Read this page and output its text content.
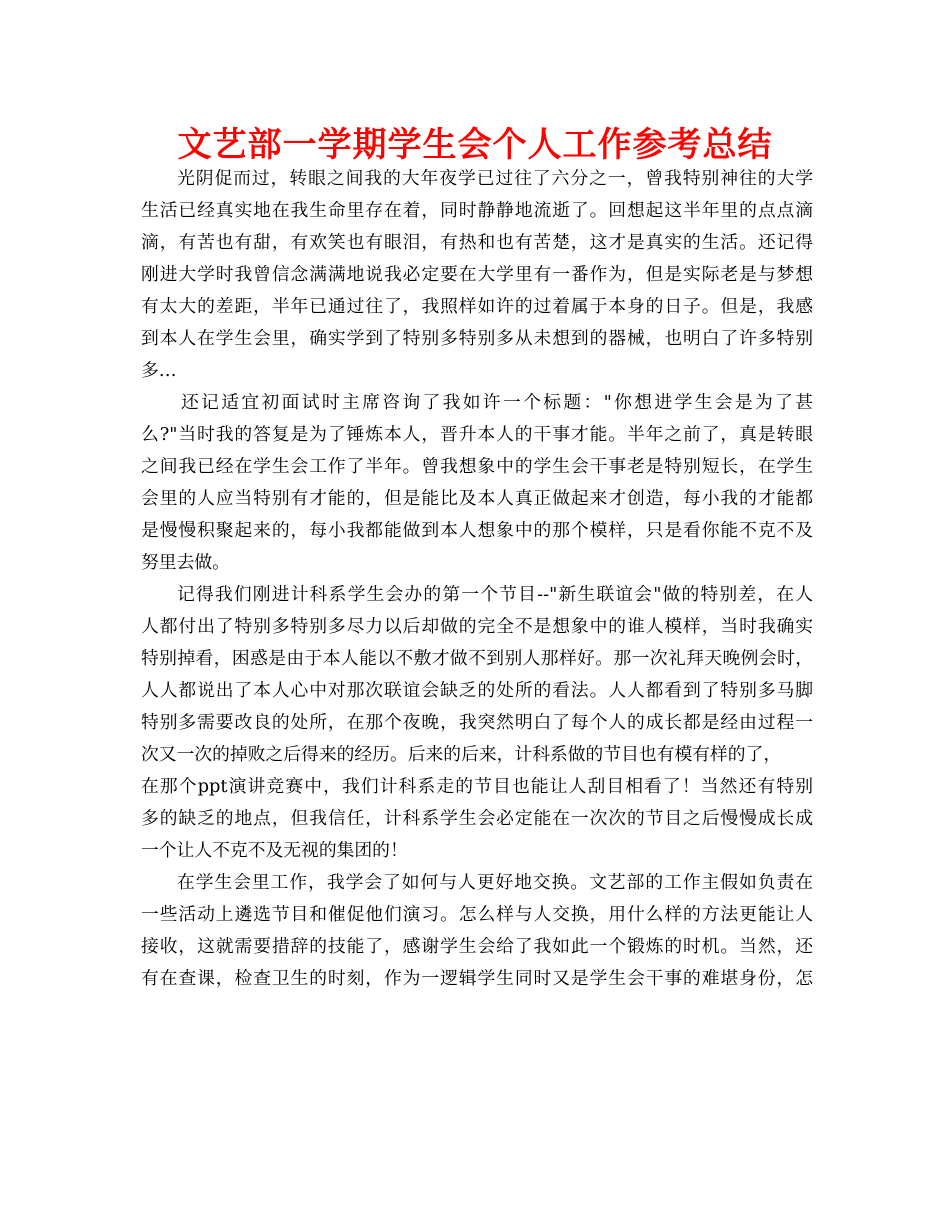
文艺部一学期学生会个人工作参考总结
光阴促而过，转眼之间我的大年夜学已过往了六分之一，曾我特别神往的大学
生活已经真实地在我生命里存在着，同时静静地流逝了。回想起这半年里的点点滴
滴，有苦也有甜，有欢笑也有眼泪，有热和也有苦楚，这才是真实的生活。还记得
刚进大学时我曾信念满满地说我必定要在大学里有一番作为，但是实际老是与梦想
有太大的差距，半年已通过往了，我照样如许的过着属于本身的日子。但是，我感
到本人在学生会里，确实学到了特别多特别多从未想到的器械，也明白了许多特别
多…
还记适宜初面试时主席咨询了我如许一个标题："你想进学生会是为了甚
么?"当时我的答复是为了锤炼本人，晋升本人的干事才能。半年之前了，真是转眼
之间我已经在学生会工作了半年。曾我想象中的学生会干事老是特别短长，在学生
会里的人应当特别有才能的，但是能比及本人真正做起来才创造，每小我的才能都
是慢慢积聚起来的，每小我都能做到本人想象中的那个模样，只是看你能不克不及
努里去做。
记得我们刚进计科系学生会办的第一个节目--"新生联谊会"做的特别差，在人
人都付出了特别多特别多尽力以后却做的完全不是想象中的谁人模样，当时我确实
特别掉看，困惑是由于本人能以不敷才做不到别人那样好。那一次礼拜天晚例会时，
人人都说出了本人心中对那次联谊会缺乏的处所的看法。人人都看到了特别多马脚
特别多需要改良的处所，在那个夜晚，我突然明白了每个人的成长都是经由过程一
次又一次的掉败之后得来的经历。后来的后来，计科系做的节目也有模有样的了，
在那个ppt演讲竞赛中，我们计科系走的节目也能让人刮目相看了！当然还有特别
多的缺乏的地点，但我信任，计科系学生会必定能在一次次的节目之后慢慢成长成
一个让人不克不及无视的集团的！
在学生会里工作，我学会了如何与人更好地交换。文艺部的工作主假如负责在
一些活动上遴选节目和催促他们演习。怎么样与人交换，用什么样的方法更能让人
接收，这就需要措辞的技能了，感谢学生会给了我如此一个锻炼的时机。当然，还
有在查课，检查卫生的时刻，作为一逻辑学生同时又是学生会干事的难堪身份，怎
